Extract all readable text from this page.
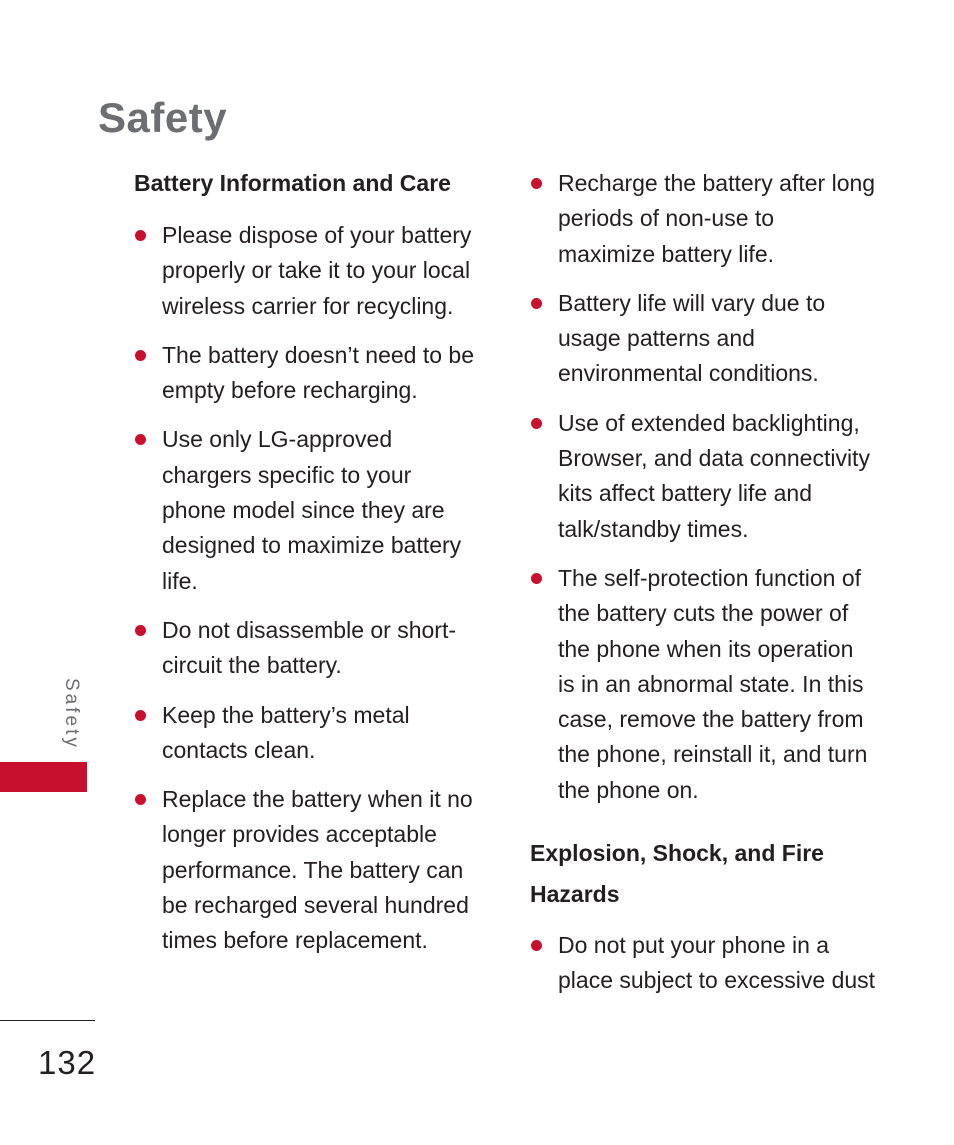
Safety
Battery Information and Care
Please dispose of your battery properly or take it to your local wireless carrier for recycling.
The battery doesn’t need to be empty before recharging.
Use only LG-approved chargers specific to your phone model since they are designed to maximize battery life.
Do not disassemble or short-circuit the battery.
Keep the battery’s metal contacts clean.
Replace the battery when it no longer provides acceptable performance. The battery can be recharged several hundred times before replacement.
Recharge the battery after long periods of non-use to maximize battery life.
Battery life will vary due to usage patterns and environmental conditions.
Use of extended backlighting, Browser, and data connectivity kits affect battery life and talk/standby times.
The self-protection function of the battery cuts the power of the phone when its operation is in an abnormal state. In this case, remove the battery from the phone, reinstall it, and turn the phone on.
Explosion, Shock, and Fire Hazards
Do not put your phone in a place subject to excessive dust
Safety
132
